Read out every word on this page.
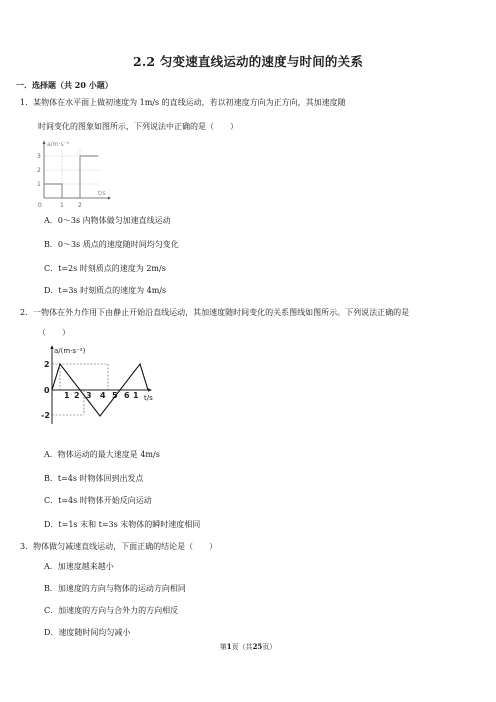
2.2 匀变速直线运动的速度与时间的关系
一．选择题（共 20 小题）
1．某物体在水平面上做初速度为 1m/s 的直线运动，若以初速度方向为正方向，其加速度随
时间变化的图象如图所示，下列说法中正确的是（　　）
a/m·s⁻²
t/s
3
2
1
0	1 2
A．0～3s 内物体做匀加速直线运动
B．0～3s 质点的速度随时间均匀变化
C．t=2s 时刻质点的速度为 2m/s
D．t=3s 时刻质点的速度为 4m/s
2．一物体在外力作用下由静止开始沿直线运动，其加速度随时间变化的关系图线如图所示。下列说法正确的是
（　　）
a/(m·s⁻²)
t/s
2
0
-2
1 2 3 4 5 6 1
A．物体运动的最大速度是 4m/s
B．t=4s 时物体回到出发点
C．t=4s 时物体开始反向运动
D．t=1s 末和 t=3s 末物体的瞬时速度相同
3．物体做匀减速直线运动，下面正确的结论是（　　）
A．加速度越来越小
B．加速度的方向与物体的运动方向相同
C．加速度的方向与合外力的方向相反
D．速度随时间均匀减小
第1页（共25页）
